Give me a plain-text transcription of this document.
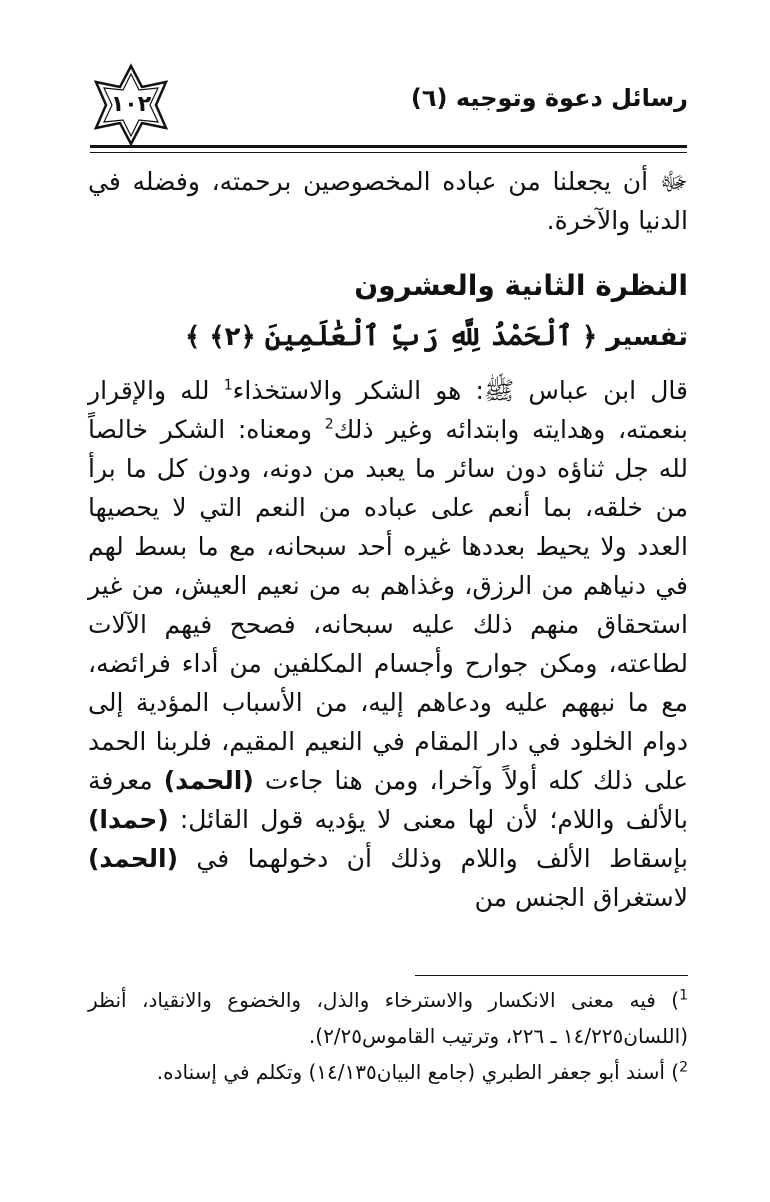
١٠٢	رسائل دعوة وتوجيه (٦)

ﷻ أن يجعلنا من عباده المخصوصين برحمته، وفضله في الدنيا والآخرة.

النظرة الثانية والعشرون
تفسير ﴿ ٱلْحَمْدُ لِلَّهِ رَبِّ ٱلْعَٰلَمِينَ ﴿٢﴾ ﴾

قال ابن عباس ﷺ: هو الشكر والاستخذاء$^1$ لله والإقرار بنعمته، وهدايته وابتدائه وغير ذلك$^2$ ومعناه: الشكر خالصاً لله جل ثناؤه دون سائر ما يعبد من دونه، ودون كل ما برأ من خلقه، بما أنعم على عباده من النعم التي لا يحصيها العدد ولا يحيط بعددها غيره أحد سبحانه، مع ما بسط لهم في دنياهم من الرزق، وغذاهم به من نعيم العيش، من غير استحقاق منهم ذلك عليه سبحانه، فصحح فيهم الآلات لطاعته، ومكن جوارح وأجسام المكلفين من أداء فرائضه، مع ما نبههم عليه ودعاهم إليه، من الأسباب المؤدية إلى دوام الخلود في دار المقام في النعيم المقيم، فلربنا الحمد على ذلك كله أولاً وآخرا، ومن هنا جاءت (الحمد) معرفة بالألف واللام؛ لأن لها معنى لا يؤديه قول القائل: (حمدا) بإسقاط الألف واللام وذلك أن دخولهما في (الحمد) لاستغراق الجنس من

$^1$) فيه معنى الانكسار والاسترخاء والذل، والخضوع والانقياد، أنظر (اللسان١٤/٢٢٥ ـ ٢٢٦، وترتيب القاموس٢/٢٥).

$^2$) أسند أبو جعفر الطبري (جامع البيان١٤/١٣٥) وتكلم في إسناده.
